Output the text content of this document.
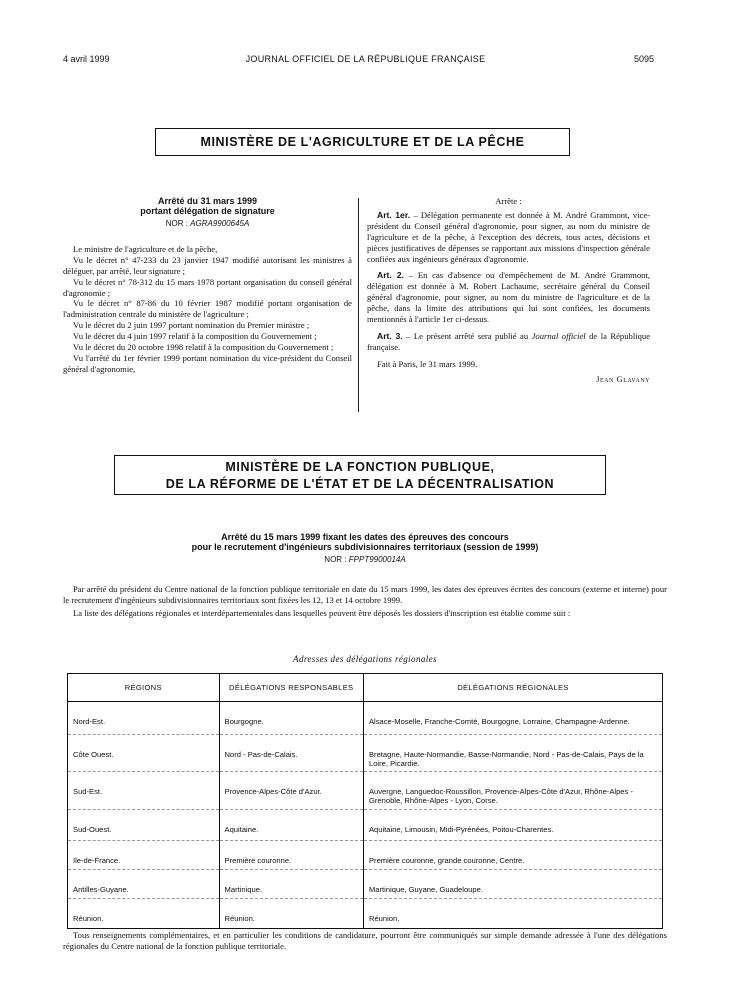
4 avril 1999	JOURNAL OFFICIEL DE LA RÉPUBLIQUE FRANÇAISE	5095
MINISTÈRE DE L'AGRICULTURE ET DE LA PÊCHE
Arrêté du 31 mars 1999
portant délégation de signature
NOR : AGRA9900645A

Le ministre de l'agriculture et de la pêche,

Vu le décret n° 47-233 du 23 janvier 1947 modifié autorisant les ministres à déléguer, par arrêté, leur signature ;

Vu le décret n° 78-312 du 15 mars 1978 portant organisation du conseil général d'agronomie ;

Vu le décret n° 87-86 du 10 février 1987 modifié portant organisation de l'administration centrale du ministère de l'agriculture ;

Vu le décret du 2 juin 1997 portant nomination du Premier ministre ;

Vu le décret du 4 juin 1997 relatif à la composition du Gouvernement ;

Vu le décret du 20 octobre 1998 relatif à la composition du Gouvernement ;

Vu l'arrêté du 1er février 1999 portant nomination du vice-président du Conseil général d'agronomie,

Arrête :

Art. 1er. – Délégation permanente est donnée à M. André Grammont, vice-président du Conseil général d'agronomie, pour signer, au nom du ministre de l'agriculture et de la pêche, à l'exception des décrets, tous actes, décisions et pièces justificatives de dépenses se rapportant aux missions d'inspection générale confiées aux ingénieurs généraux d'agronomie.

Art. 2. – En cas d'absence ou d'empêchement de M. André Grammont, délégation est donnée à M. Robert Lachaume, secrétaire général du Conseil général d'agronomie, pour signer, au nom du ministre de l'agriculture et de la pêche, dans la limite des attributions qui lui sont confiées, les documents mentionnés à l'article 1er ci-dessus.

Art. 3. – Le présent arrêté sera publié au Journal officiel de la République française.

Fait à Paris, le 31 mars 1999.

Jean Glavany
MINISTÈRE DE LA FONCTION PUBLIQUE,
DE LA RÉFORME DE L'ÉTAT ET DE LA DÉCENTRALISATION
Arrêté du 15 mars 1999 fixant les dates des épreuves des concours
pour le recrutement d'ingénieurs subdivisionnaires territoriaux (session de 1999)
NOR : FPPT9900014A

Par arrêté du président du Centre national de la fonction publique territoriale en date du 15 mars 1999, les dates des épreuves écrites des concours (externe et interne) pour le recrutement d'ingénieurs subdivisionnaires territoriaux sont fixées les 12, 13 et 14 octobre 1999.

La liste des délégations régionales et interdépartementales dans lesquelles peuvent être déposés les dossiers d'inscription est établie comme suit :

Adresses des délégations régionales
RÉGIONS	DÉLÉGATIONS RESPONSABLES	DÉLÉGATIONS RÉGIONALES
Nord-Est.	Bourgogne.	Alsace-Moselle, Franche-Comté, Bourgogne, Lorraine, Champagne-Ardenne.
Côte Ouest.	Nord - Pas-de-Calais.	Bretagne, Haute-Normandie, Basse-Normandie, Nord - Pas-de-Calais, Pays de la Loire, Picardie.
Sud-Est.	Provence-Alpes-Côte d'Azur.	Auvergne, Languedoc-Roussillon, Provence-Alpes-Côte d'Azur, Rhône-Alpes - Grenoble, Rhône-Alpes - Lyon, Corse.
Sud-Ouest.	Aquitaine.	Aquitaine, Limousin, Midi-Pyrénées, Poitou-Charentes.
Ile-de-France.	Première couronne.	Première couronne, grande couronne, Centre.
Antilles-Guyane.	Martinique.	Martinique, Guyane, Guadeloupe.
Réunion.	Réunion.	Réunion.

Tous renseignements complémentaires, et en particulier les conditions de candidature, pourront être communiqués sur simple demande adressée à l'une des délégations régionales du Centre national de la fonction publique territoriale.
